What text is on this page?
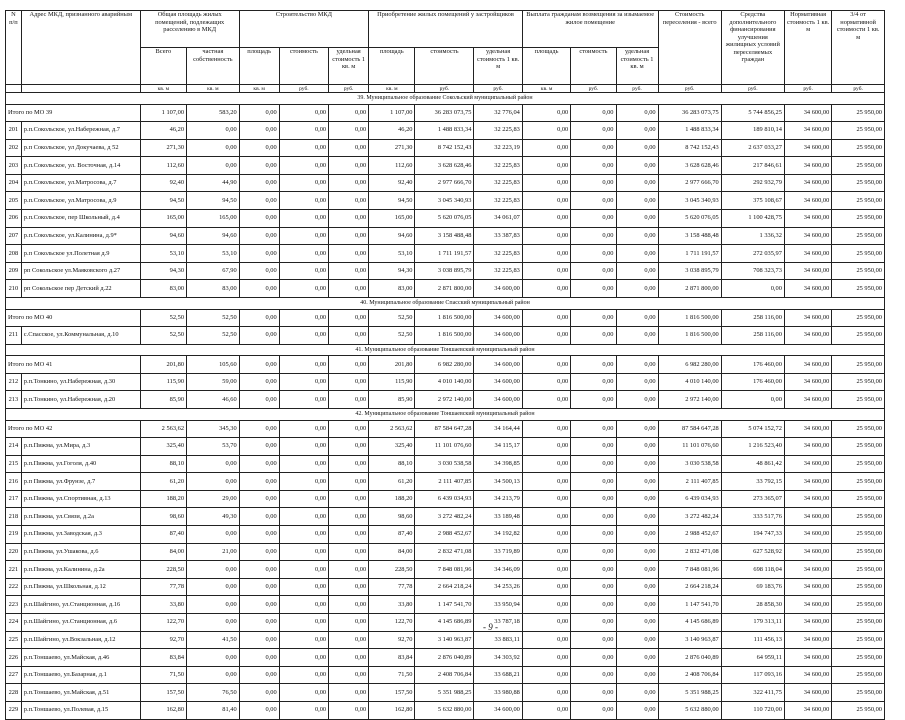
N п/п	Адрес МКД, признанного аварийным	Общая площадь жилых помещений, подлежащих расселению в МКД		Строительство МКД			Приобретение жилых помещений у застройщиков			Выплата гражданам возмещения за изымаемое жилое помещение			Стоимость переселения - всего	Средства дополнительного финансирования улучшения жилищных условий переселяемых граждан	Нормативная стоимость 1 кв. м	3/4 от нормативной стоимости 1 кв. м
		Всего	частная собственность	площадь	стоимость	удельная стоимость 1 кв. м	площадь	стоимость	удельная стоимость 1 кв. м	площадь	стоимость	удельная стоимость 1 кв. м				
		кв. м	кв. м	кв. м	руб.	руб.	кв. м	руб.	руб.	кв. м	руб.	руб.	руб.	руб.	руб.	руб.
39. Муниципальное образование Сокольский муниципальный район																
Итого по МО 39		1 107,00	583,20	0,00	0,00	0,00	1 107,00	36 283 073,75	32 776,04	0,00	0,00	0,00	36 283 073,75	5 744 856,25	34 600,00	25 950,00
201	р.п.Сокольское, ул.Набережная, д.7	46,20	0,00	0,00	0,00	0,00	46,20	1 488 833,34	32 225,83	0,00	0,00	0,00	1 488 833,34	189 810,14	34 600,00	25 950,00
202	р.п Сокольское, ул Докучаева, д 52	271,30	0,00	0,00	0,00	0,00	271,30	8 742 152,43	32 223,19	0,00	0,00	0,00	8 742 152,43	2 637 033,27	34 600,00	25 950,00
203	р.п.Сокольское, ул. Восточная, д.14	112,60	0,00	0,00	0,00	0,00	112,60	3 628 628,46	32 225,83	0,00	0,00	0,00	3 628 628,46	217 846,61	34 600,00	25 950,00
204	р.п.Сокольское, ул.Матросова, д.7	92,40	44,90	0,00	0,00	0,00	92,40	2 977 666,70	32 225,83	0,00	0,00	0,00	2 977 666,70	292 932,79	34 600,00	25 950,00
205	р.п.Сокольское, ул.Матросова, д.9	94,50	94,50	0,00	0,00	0,00	94,50	3 045 340,93	32 225,83	0,00	0,00	0,00	3 045 340,93	375 108,67	34 600,00	25 950,00
206	р.п.Сокольское, пер Школьный, д.4	165,00	165,00	0,00	0,00	0,00	165,00	5 620 076,05	34 061,07	0,00	0,00	0,00	5 620 076,05	1 100 428,75	34 600,00	25 950,00
207	р.п.Сокольское, ул.Калинина, д.9*	94,60	94,60	0,00	0,00	0,00	94,60	3 158 488,48	33 387,83	0,00	0,00	0,00	3 158 488,48	1 336,32	34 600,00	25 950,00
208	р.п Сокольское ул.Полетная д.9	53,10	53,10	0,00	0,00	0,00	53,10	1 711 191,57	32 225,83	0,00	0,00	0,00	1 711 191,57	272 035,97	34 600,00	25 950,00
209	рп Сокольское ул.Маяковского д.27	94,30	67,90	0,00	0,00	0,00	94,30	3 038 895,79	32 225,83	0,00	0,00	0,00	3 038 895,79	708 323,73	34 600,00	25 950,00
210	рп Сокольское пер Детский д.22	83,00	83,00	0,00	0,00	0,00	83,00	2 871 800,00	34 600,00	0,00	0,00	0,00	2 871 800,00	0,00	34 600,00	25 950,00
40. Муниципальное образование Спасский муниципальный район																
Итого по МО 40		52,50	52,50	0,00	0,00	0,00	52,50	1 816 500,00	34 600,00	0,00	0,00	0,00	1 816 500,00	258 116,00	34 600,00	25 950,00
211	с.Спасское, ул.Коммунальная, д.10	52,50	52,50	0,00	0,00	0,00	52,50	1 816 500,00	34 600,00	0,00	0,00	0,00	1 816 500,00	258 116,00	34 600,00	25 950,00
41. Муниципальное образование Тоншаевский муниципальный район																
Итого по МО 41		201,80	105,60	0,00	0,00	0,00	201,80	6 982 280,00	34 600,00	0,00	0,00	0,00	6 982 280,00	176 460,00	34 600,00	25 950,00
212	р.п.Тонкино, ул.Набережная, д.30	115,90	59,00	0,00	0,00	0,00	115,90	4 010 140,00	34 600,00	0,00	0,00	0,00	4 010 140,00	176 460,00	34 600,00	25 950,00
213	р.п.Тонкино, ул.Набережная, д.20	85,90	46,60	0,00	0,00	0,00	85,90	2 972 140,00	34 600,00	0,00	0,00	0,00	2 972 140,00	0,00	34 600,00	25 950,00
42. Муниципальное образование Тоншаевский муниципальный район																
Итого по МО 42		2 563,62	345,30	0,00	0,00	0,00	2 563,62	87 584 647,28	34 164,44	0,00	0,00	0,00	87 584 647,28	5 074 152,72	34 600,00	25 950,00
214	р.п.Пижма, ул.Мира, д.3	325,40	53,70	0,00	0,00	0,00	325,40	11 101 076,60	34 115,17	0,00	0,00	0,00	11 101 076,60	1 216 523,40	34 600,00	25 950,00
215	р.п.Пижма, ул.Гоголя, д.40	88,10	0,00	0,00	0,00	0,00	88,10	3 030 538,58	34 398,85	0,00	0,00	0,00	3 030 538,58	48 861,42	34 600,00	25 950,00
216	р.п Пижма, ул.Фрунзе, д.7	61,20	0,00	0,00	0,00	0,00	61,20	2 111 407,85	34 500,13	0,00	0,00	0,00	2 111 407,85	33 792,15	34 600,00	25 950,00
217	р.п.Пижма, ул.Спортивная, д.13	188,20	29,00	0,00	0,00	0,00	188,20	6 439 034,93	34 213,79	0,00	0,00	0,00	6 439 034,93	273 365,07	34 600,00	25 950,00
218	р.п.Пижма, ул.Связи, д.2а	98,60	49,30	0,00	0,00	0,00	98,60	3 272 482,24	33 189,48	0,00	0,00	0,00	3 272 482,24	333 517,76	34 600,00	25 950,00
219	р.п.Пижма, ул.Заводская, д.3	87,40	0,00	0,00	0,00	0,00	87,40	2 988 452,67	34 192,82	0,00	0,00	0,00	2 988 452,67	194 747,33	34 600,00	25 950,00
220	р.п.Пижма, ул.Ушакова, д.6	84,00	21,00	0,00	0,00	0,00	84,00	2 832 471,08	33 719,89	0,00	0,00	0,00	2 832 471,08	627 528,92	34 600,00	25 950,00
221	р.п.Пижма, ул.Калинина, д.2а	228,50	0,00	0,00	0,00	0,00	228,50	7 848 081,96	34 346,09	0,00	0,00	0,00	7 848 081,96	698 118,04	34 600,00	25 950,00
222	р.п.Пижма, ул.Школьная, д.12	77,78	0,00	0,00	0,00	0,00	77,78	2 664 218,24	34 253,26	0,00	0,00	0,00	2 664 218,24	69 183,76	34 600,00	25 950,00
223	р.п.Шайгино, ул.Станционная, д.16	33,80	0,00	0,00	0,00	0,00	33,80	1 147 541,70	33 950,94	0,00	0,00	0,00	1 147 541,70	28 858,30	34 600,00	25 950,00
224	р.п.Шайгино, ул.Станционная, д.6	122,70	0,00	0,00	0,00	0,00	122,70	4 145 686,89	33 787,18	0,00	0,00	0,00	4 145 686,89	179 313,11	34 600,00	25 950,00
225	р.п.Шайгино, ул.Вокзальная, д.12	92,70	41,50	0,00	0,00	0,00	92,70	3 140 963,87	33 883,11	0,00	0,00	0,00	3 140 963,87	111 456,13	34 600,00	25 950,00
226	р.п.Тоншаево, ул.Майская, д.46	83,84	0,00	0,00	0,00	0,00	83,84	2 876 040,89	34 303,92	0,00	0,00	0,00	2 876 040,89	64 959,11	34 600,00	25 950,00
227	р.п.Тоншаево, ул.Базарная, д.1	71,50	0,00	0,00	0,00	0,00	71,50	2 408 706,84	33 688,21	0,00	0,00	0,00	2 408 706,84	117 093,16	34 600,00	25 950,00
228	р.п.Тоншаево, ул.Майская, д.51	157,50	76,50	0,00	0,00	0,00	157,50	5 351 988,25	33 980,88	0,00	0,00	0,00	5 351 988,25	322 411,75	34 600,00	25 950,00
229	р.п.Тоншаево, ул.Полевая, д.15	162,80	81,40	0,00	0,00	0,00	162,80	5 632 880,00	34 600,00	0,00	0,00	0,00	5 632 880,00	110 720,00	34 600,00	25 950,00
- 9 -
